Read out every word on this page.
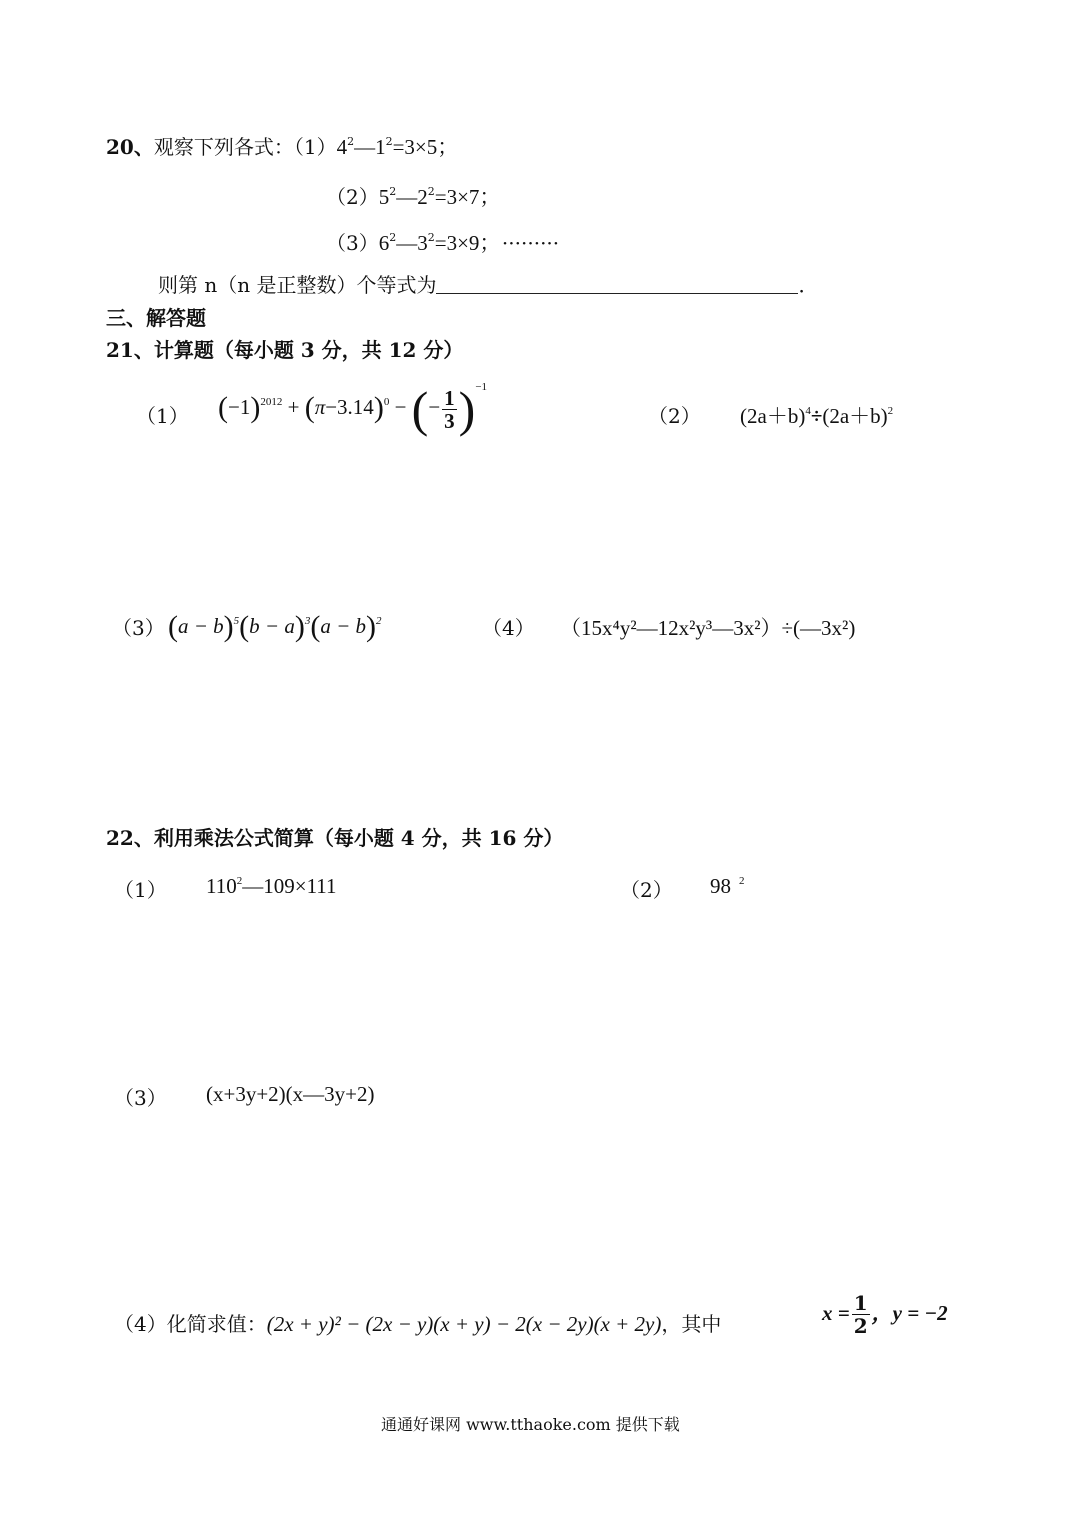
20、观察下列各式：$(1)4^2—1^2=3\times 5$；
$(2)5^2—2^2=3\times 7$；
$(3)6^2—3^2=3\times 9$； ·········
则第 n（n 是正整数）个等式为	．
三、解答题
21、计算题（每小题 3 分，共 12 分）
（1） $(-1)^{2012} + (\pi-3.14)^0$ − (− $\frac{1}{3} )^{-1}$
（2） $(2a+b)^4\div(2a+b)^2$
（3） $(a - b)^5(b - a)^3(a - b)^2$	（4） （15x⁴y²—12x²y³—3x²）÷(—3x²)
22、利用乘法公式简算（每小题 4 分，共 16 分）
（1） $110^2—109\times 111$	（2） 98 $^2$
（3） (x+3y+2)(x—3y+2)
（4）化简求值：(2x + y)² − (2x − y)(x + y) − 2(x − 2y)(x + 2y)，其中	$x = \frac{1}{2}$ ，y = −2
通通好课网 www.tthaoke.com 提供下载
